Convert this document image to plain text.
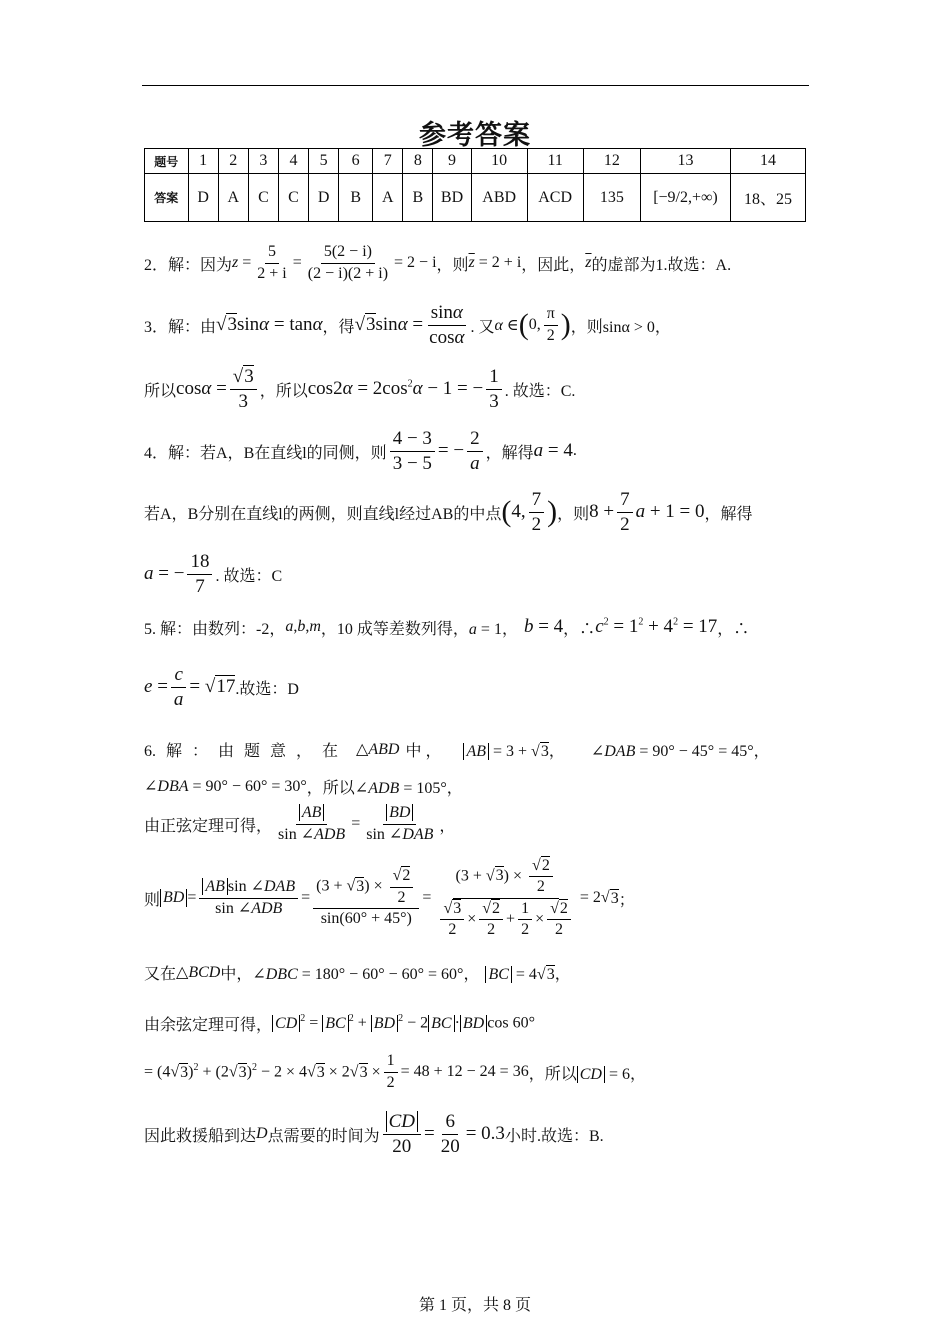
参考答案
题号	1	2	3	4	5	6	7	8	9	10	11	12	13	14
答案	D	A	C	C	D	B	A	B	BD	ABD	ACD	135	[−9/2,+∞)	18、25
2．解：因为 $z = \frac{5}{2 + i} = \frac{5(2 - i)}{(2 - i)(2 + i)} = 2 - i$ ，则 $\overline{z} = 2 + i$ ，因此， $\overline{z}$ 的虚部为1.故选：A.
3．解：由 √3sinα = tanα ，得 $√3\sin\alpha = \frac{\sin\alpha}{\cos\alpha}$ . 又 α ∈ ( 0, $\frac{\pi}{2}$ ) ，则sinα > 0，
所以 $\cos\alpha = \frac{√3}{3}$ ，所以 $\cos 2\alpha = 2\cos^2\alpha - 1$ = − $\frac{1}{3}$ . 故选：C.
4．解：若A， B在直线l的同侧，则 $\frac{4 - 3}{3 - 5}$ = − $\frac{2}{a}$ ，解得 a = 4 .
若A， B分别在直线l的两侧，则直线l经过AB的中点 ( 4, $\frac{7}{2}$ ) ，则 $8 + \frac{7}{2}$ a + 1 = 0 ，解得
a = − $\frac{18}{7}$ . 故选：C
5. 解：由数列：-2， a,b,m ，10 成等差数列得， a = 1， b = 4 ，∴ $c^2 = 1^2 + 4^2 = 17$ ，∴
$e = \frac{c}{a} = √17$ .故选：D
6. 解 ： 由 题 意 ， 在 △ABD 中 ， AB = 3 + √3， ∠DAB = 90° − 45° = 45°，
∠DBA = 90° − 60° = 30° ，所以 ∠ADB = 105°，
由正弦定理可得， $\frac{AB}{\text{sin ∠ADB}} = \frac{BD}{\text{sin ∠DAB}}$ ，
则 BD = $\frac{\text{AB sin ∠DAB}}{\text{sin ∠ADB}} = \frac{(3 + √3) \times \frac{√2}{2}}{\sin(60^\circ + 45^\circ)} = \frac{(3 + √3) \times \frac{√2}{2}}{\frac{√3}{2} \times \frac{√2}{2} + \frac{1}{2} \times \frac{√2}{2}} = 2√$ 3 ；
又在 △BCD 中， ∠DBC = 180° − 60° − 60° = 60°， BC = 4√3，
由余弦定理可得， CD $^2$ = BC $^2$ + BD $^2$ − 2 BC · BD cos 60°
= $(4√3)^2 + (2√3)^2 - 2 \times 4√3 \times 2√3 \times \frac{1}{2} = 48 + 12 - 24 = 36$ ，所以 CD = 6，
因此救援船到达 D 点需要的时间为 $\frac{CD}{20} = \frac{6}{20} = 0.3$ 小时.故选：B.
第 1 页，共 8 页
